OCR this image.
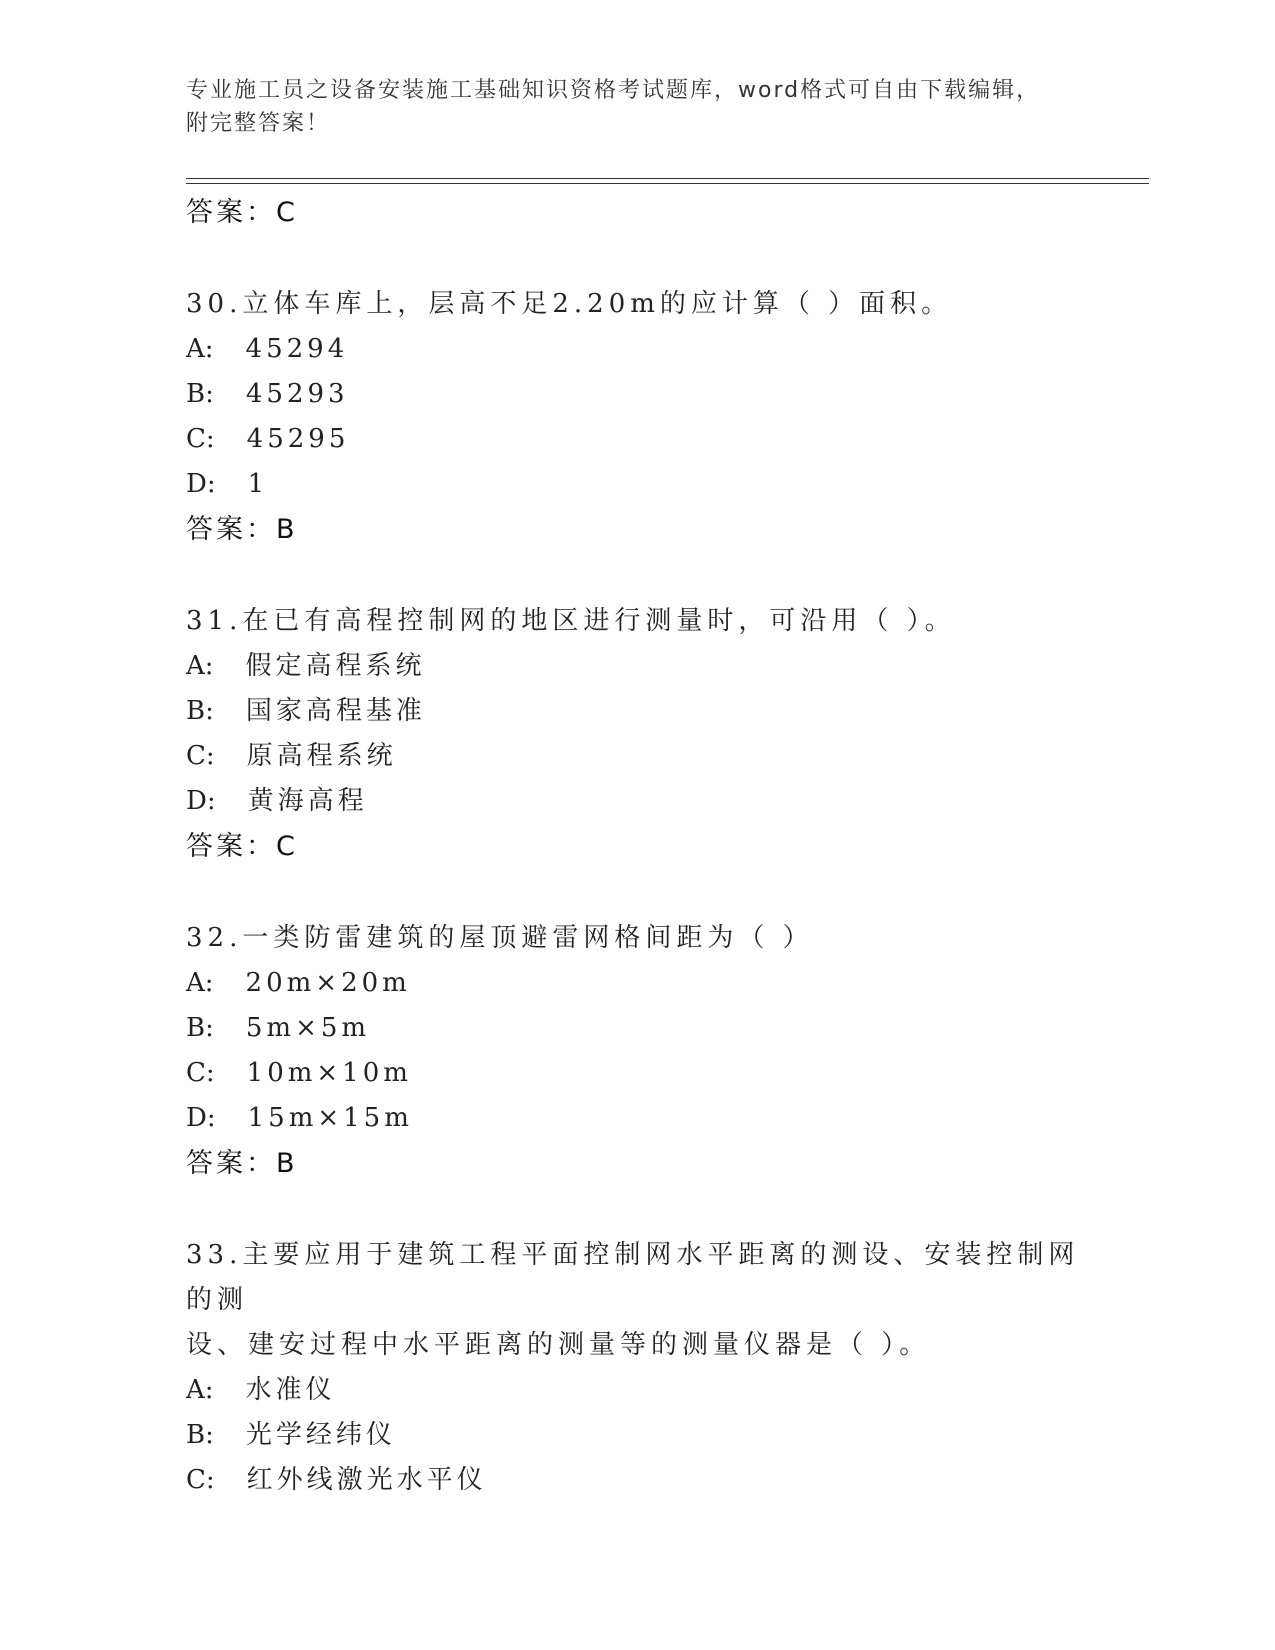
专业施工员之设备安装施工基础知识资格考试题库，word格式可自由下载编辑，
附完整答案！
答案：C
30.立体车库上，层高不足2.20m的应计算（ ）面积。
A: 45294
B: 45293
C: 45295
D: 1
答案：B
31.在已有高程控制网的地区进行测量时，可沿用（ ）。
A: 假定高程系统
B: 国家高程基准
C: 原高程系统
D: 黄海高程
答案：C
32.一类防雷建筑的屋顶避雷网格间距为（ ）
A: 20m×20m
B: 5m×5m
C: 10m×10m
D: 15m×15m
答案：B
33.主要应用于建筑工程平面控制网水平距离的测设、安装控制网的测
设、建安过程中水平距离的测量等的测量仪器是（ ）。
A: 水准仪
B: 光学经纬仪
C: 红外线激光水平仪
